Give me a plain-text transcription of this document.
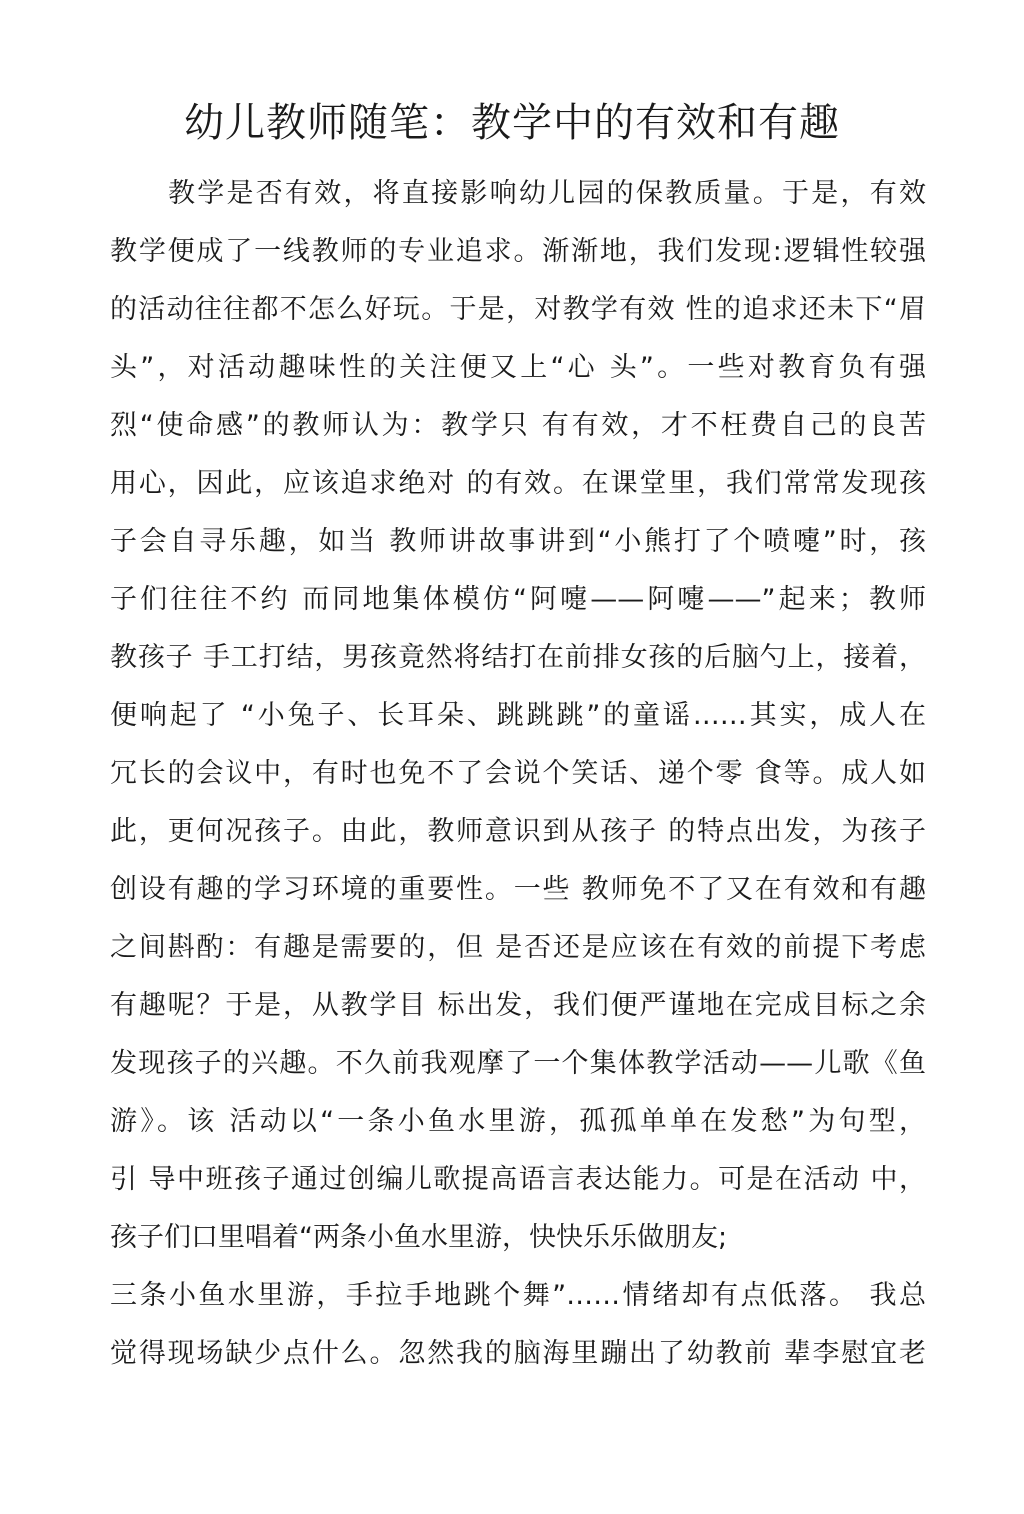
幼儿教师随笔：教学中的有效和有趣
教学是否有效，将直接影响幼儿园的保教质量。于是，有效
教学便成了一线教师的专业追求。渐渐地，我们发现:逻辑性较强
的活动往往都不怎么好玩。于是，对教学有效 性的追求还未下“眉
头”，对活动趣味性的关注便又上“心 头”。一些对教育负有强
烈“使命感”的教师认为：教学只 有有效，才不枉费自己的良苦
用心，因此，应该追求绝对 的有效。在课堂里，我们常常发现孩
子会自寻乐趣，如当 教师讲故事讲到“小熊打了个喷嚏”时，孩
子们往往不约 而同地集体模仿“阿嚏——阿嚏——”起来；教师
教孩子 手工打结，男孩竟然将结打在前排女孩的后脑勺上，接着，
便响起了 “小兔子、长耳朵、跳跳跳”的童谣……其实，成人在
冗长的会议中，有时也免不了会说个笑话、递个零 食等。成人如
此，更何况孩子。由此，教师意识到从孩子 的特点出发，为孩子
创设有趣的学习环境的重要性。一些 教师免不了又在有效和有趣
之间斟酌：有趣是需要的，但 是否还是应该在有效的前提下考虑
有趣呢？于是，从教学目 标出发，我们便严谨地在完成目标之余
发现孩子的兴趣。不久前我观摩了一个集体教学活动——儿歌《鱼
游》。该 活动以“一条小鱼水里游，孤孤单单在发愁”为句型，
引 导中班孩子通过创编儿歌提高语言表达能力。可是在活动 中，
孩子们口里唱着“两条小鱼水里游，快快乐乐做朋友;
三条小鱼水里游，手拉手地跳个舞”……情绪却有点低落。 我总
觉得现场缺少点什么。忽然我的脑海里蹦出了幼教前 辈李慰宜老
